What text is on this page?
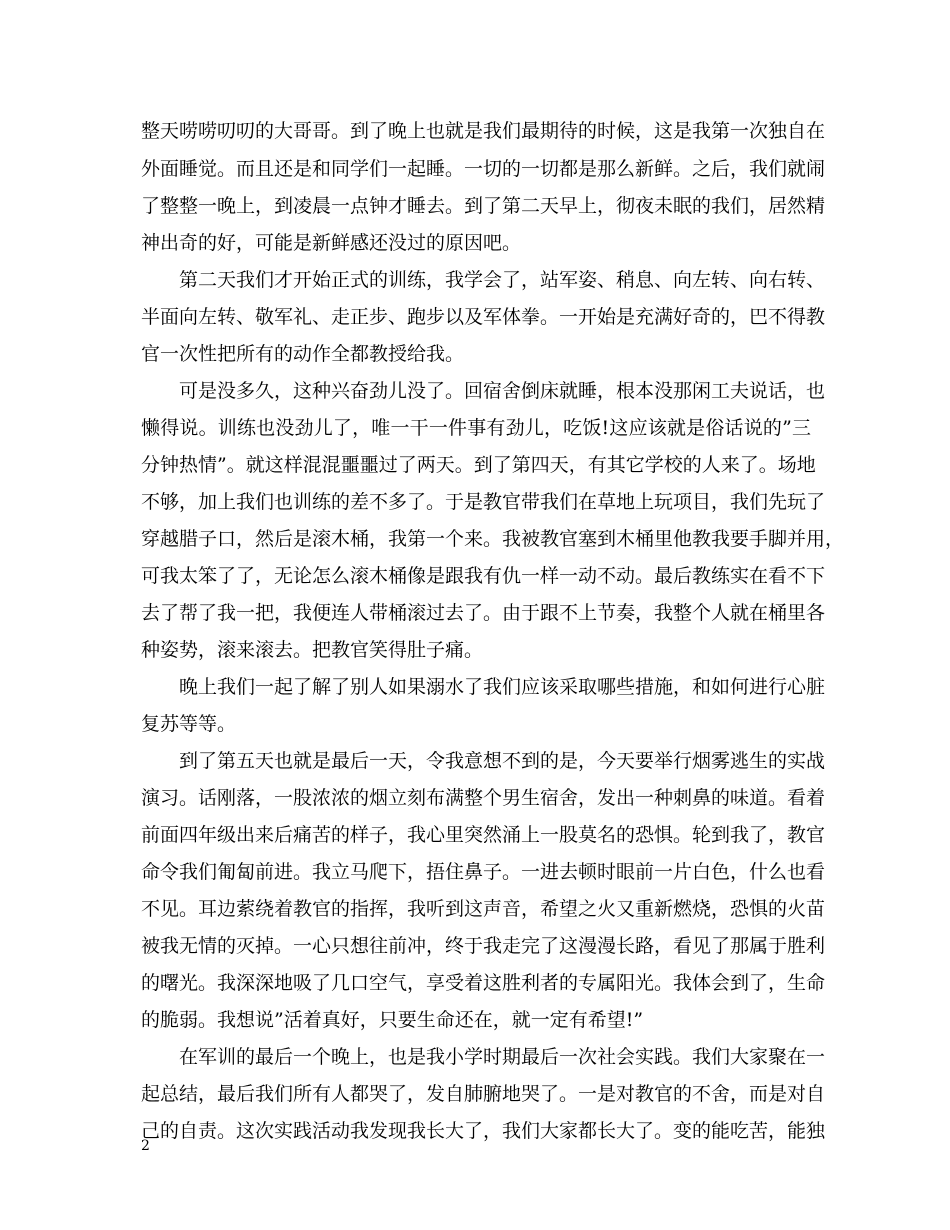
整天唠唠叨叨的大哥哥。到了晚上也就是我们最期待的时候，这是我第一次独自在
外面睡觉。而且还是和同学们一起睡。一切的一切都是那么新鲜。之后，我们就闹
了整整一晚上，到凌晨一点钟才睡去。到了第二天早上，彻夜未眠的我们，居然精
神出奇的好，可能是新鲜感还没过的原因吧。
　　第二天我们才开始正式的训练，我学会了，站军姿、稍息、向左转、向右转、
半面向左转、敬军礼、走正步、跑步以及军体拳。一开始是充满好奇的，巴不得教
官一次性把所有的动作全都教授给我。
　　可是没多久，这种兴奋劲儿没了。回宿舍倒床就睡，根本没那闲工夫说话，也
懒得说。训练也没劲儿了，唯一干一件事有劲儿，吃饭!这应该就是俗话说的”三
分钟热情”。就这样混混噩噩过了两天。到了第四天，有其它学校的人来了。场地
不够，加上我们也训练的差不多了。于是教官带我们在草地上玩项目，我们先玩了
穿越腊子口，然后是滚木桶，我第一个来。我被教官塞到木桶里他教我要手脚并用，
可我太笨了了，无论怎么滚木桶像是跟我有仇一样一动不动。最后教练实在看不下
去了帮了我一把，我便连人带桶滚过去了。由于跟不上节奏，我整个人就在桶里各
种姿势，滚来滚去。把教官笑得肚子痛。
　　晚上我们一起了解了别人如果溺水了我们应该采取哪些措施，和如何进行心脏
复苏等等。
　　到了第五天也就是最后一天，令我意想不到的是，今天要举行烟雾逃生的实战
演习。话刚落，一股浓浓的烟立刻布满整个男生宿舍，发出一种刺鼻的味道。看着
前面四年级出来后痛苦的样子，我心里突然涌上一股莫名的恐惧。轮到我了，教官
命令我们匍匐前进。我立马爬下，捂住鼻子。一进去顿时眼前一片白色，什么也看
不见。耳边萦绕着教官的指挥，我听到这声音，希望之火又重新燃烧，恐惧的火苗
被我无情的灭掉。一心只想往前冲，终于我走完了这漫漫长路，看见了那属于胜利
的曙光。我深深地吸了几口空气，享受着这胜利者的专属阳光。我体会到了，生命
的脆弱。我想说”活着真好，只要生命还在，就一定有希望!”
　　在军训的最后一个晚上，也是我小学时期最后一次社会实践。我们大家聚在一
起总结，最后我们所有人都哭了，发自肺腑地哭了。一是对教官的不舍，而是对自
己的自责。这次实践活动我发现我长大了，我们大家都长大了。变的能吃苦，能独
2
